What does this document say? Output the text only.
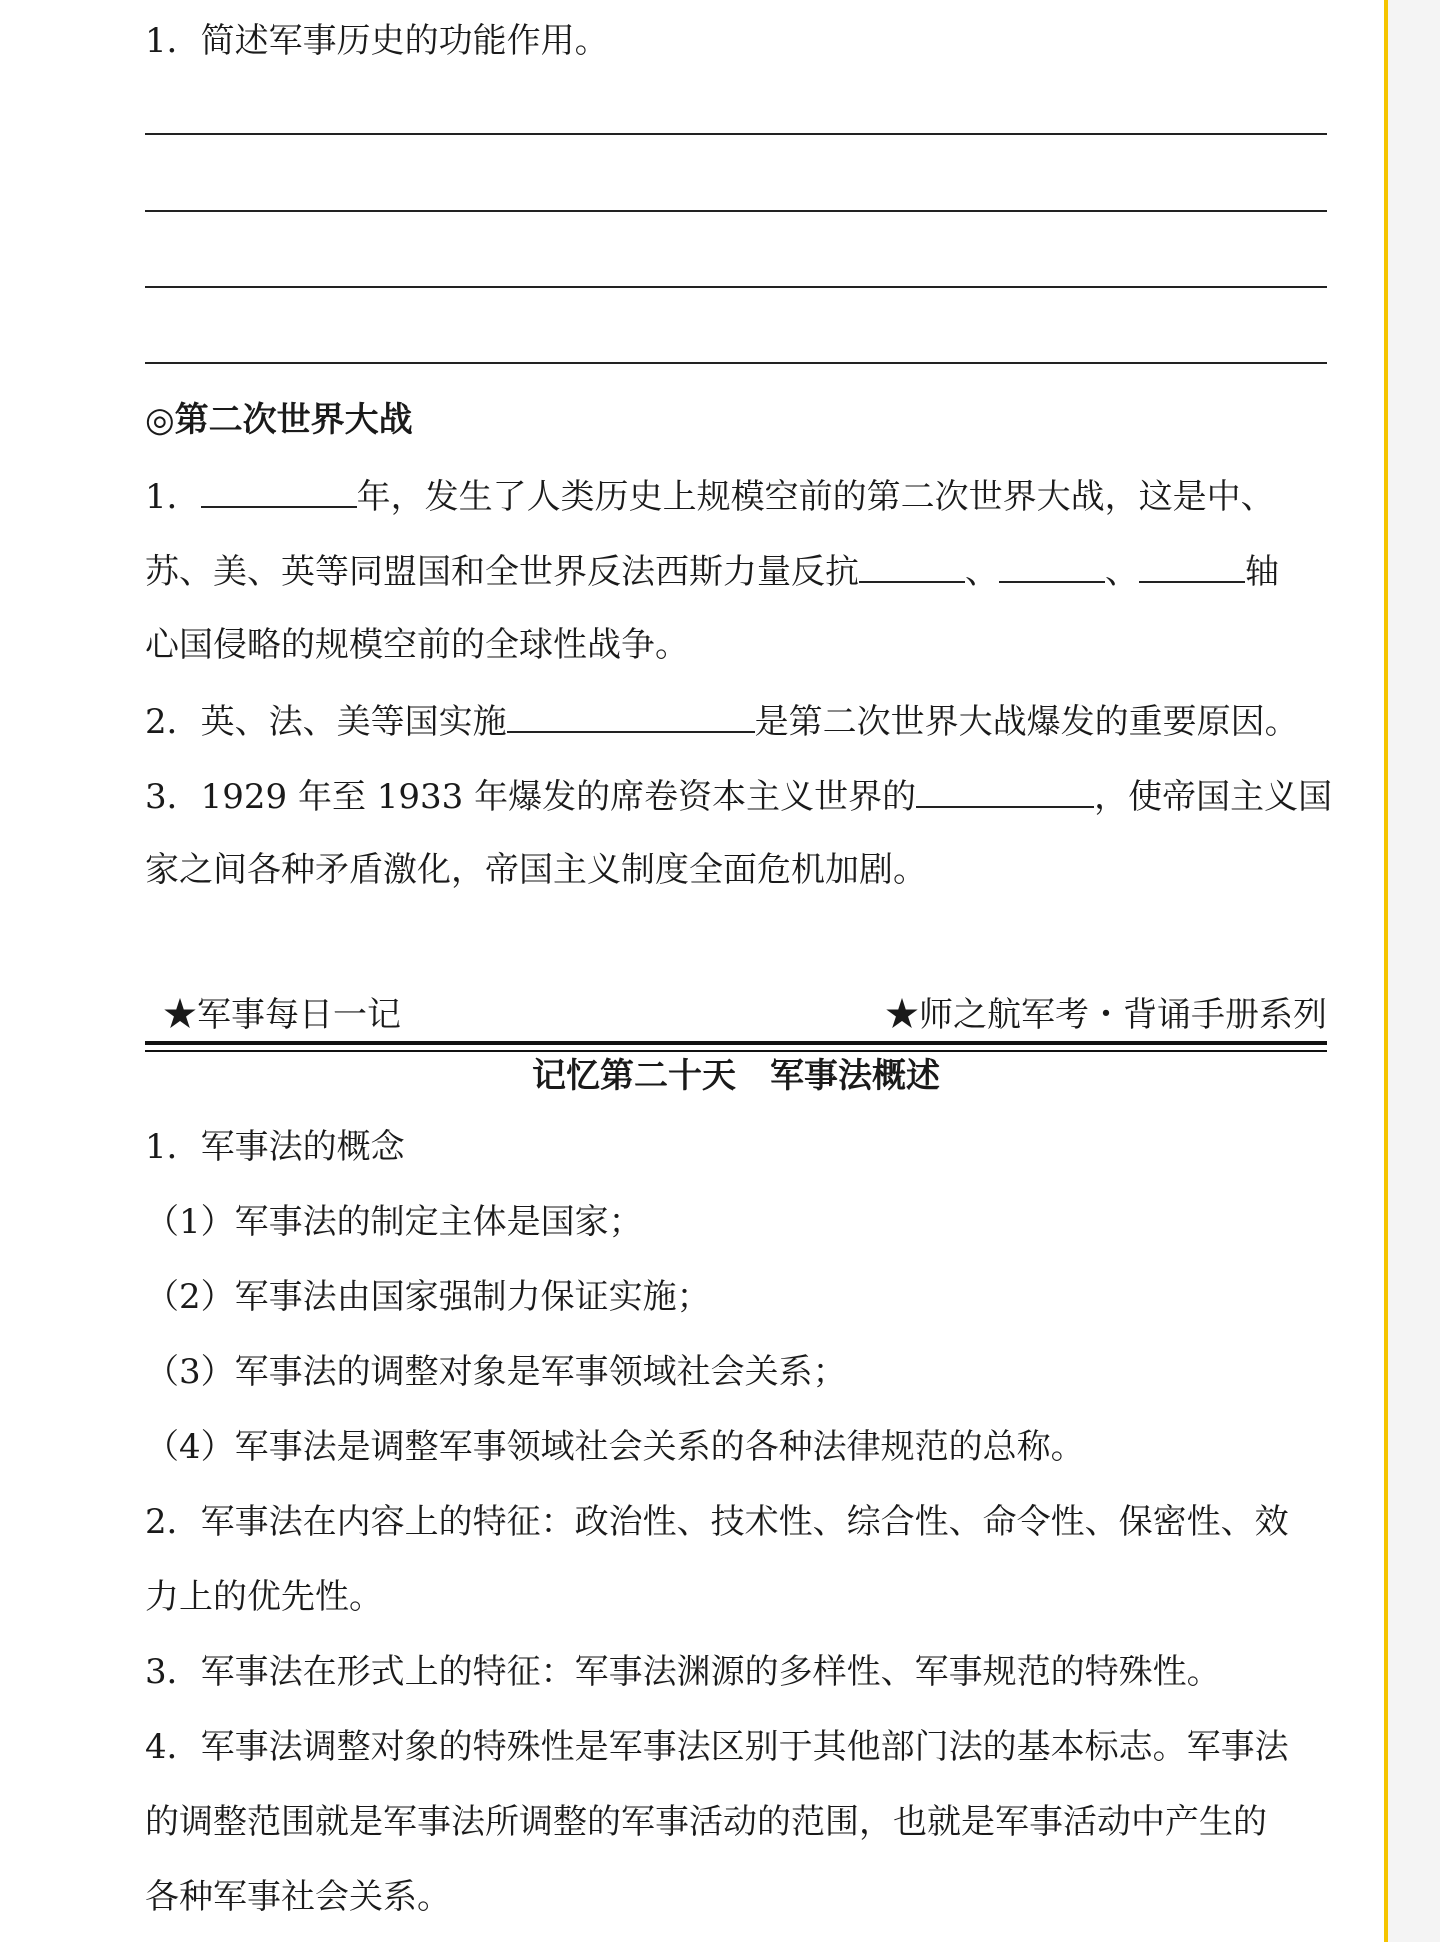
1．简述军事历史的功能作用。
◎第二次世界大战
1．	年，发生了人类历史上规模空前的第二次世界大战，这是中、
苏、美、英等同盟国和全世界反法西斯力量反抗	、	、	轴
心国侵略的规模空前的全球性战争。
2．英、法、美等国实施	是第二次世界大战爆发的重要原因。
3．1929 年至 1933 年爆发的席卷资本主义世界的	，使帝国主义国
家之间各种矛盾激化，帝国主义制度全面危机加剧。
★军事每日一记	★师之航军考・背诵手册系列
记忆第二十天　军事法概述
1．军事法的概念
（1）军事法的制定主体是国家；
（2）军事法由国家强制力保证实施；
（3）军事法的调整对象是军事领域社会关系；
（4）军事法是调整军事领域社会关系的各种法律规范的总称。
2．军事法在内容上的特征：政治性、技术性、综合性、命令性、保密性、效
力上的优先性。
3．军事法在形式上的特征：军事法渊源的多样性、军事规范的特殊性。
4．军事法调整对象的特殊性是军事法区别于其他部门法的基本标志。军事法
的调整范围就是军事法所调整的军事活动的范围，也就是军事活动中产生的
各种军事社会关系。
